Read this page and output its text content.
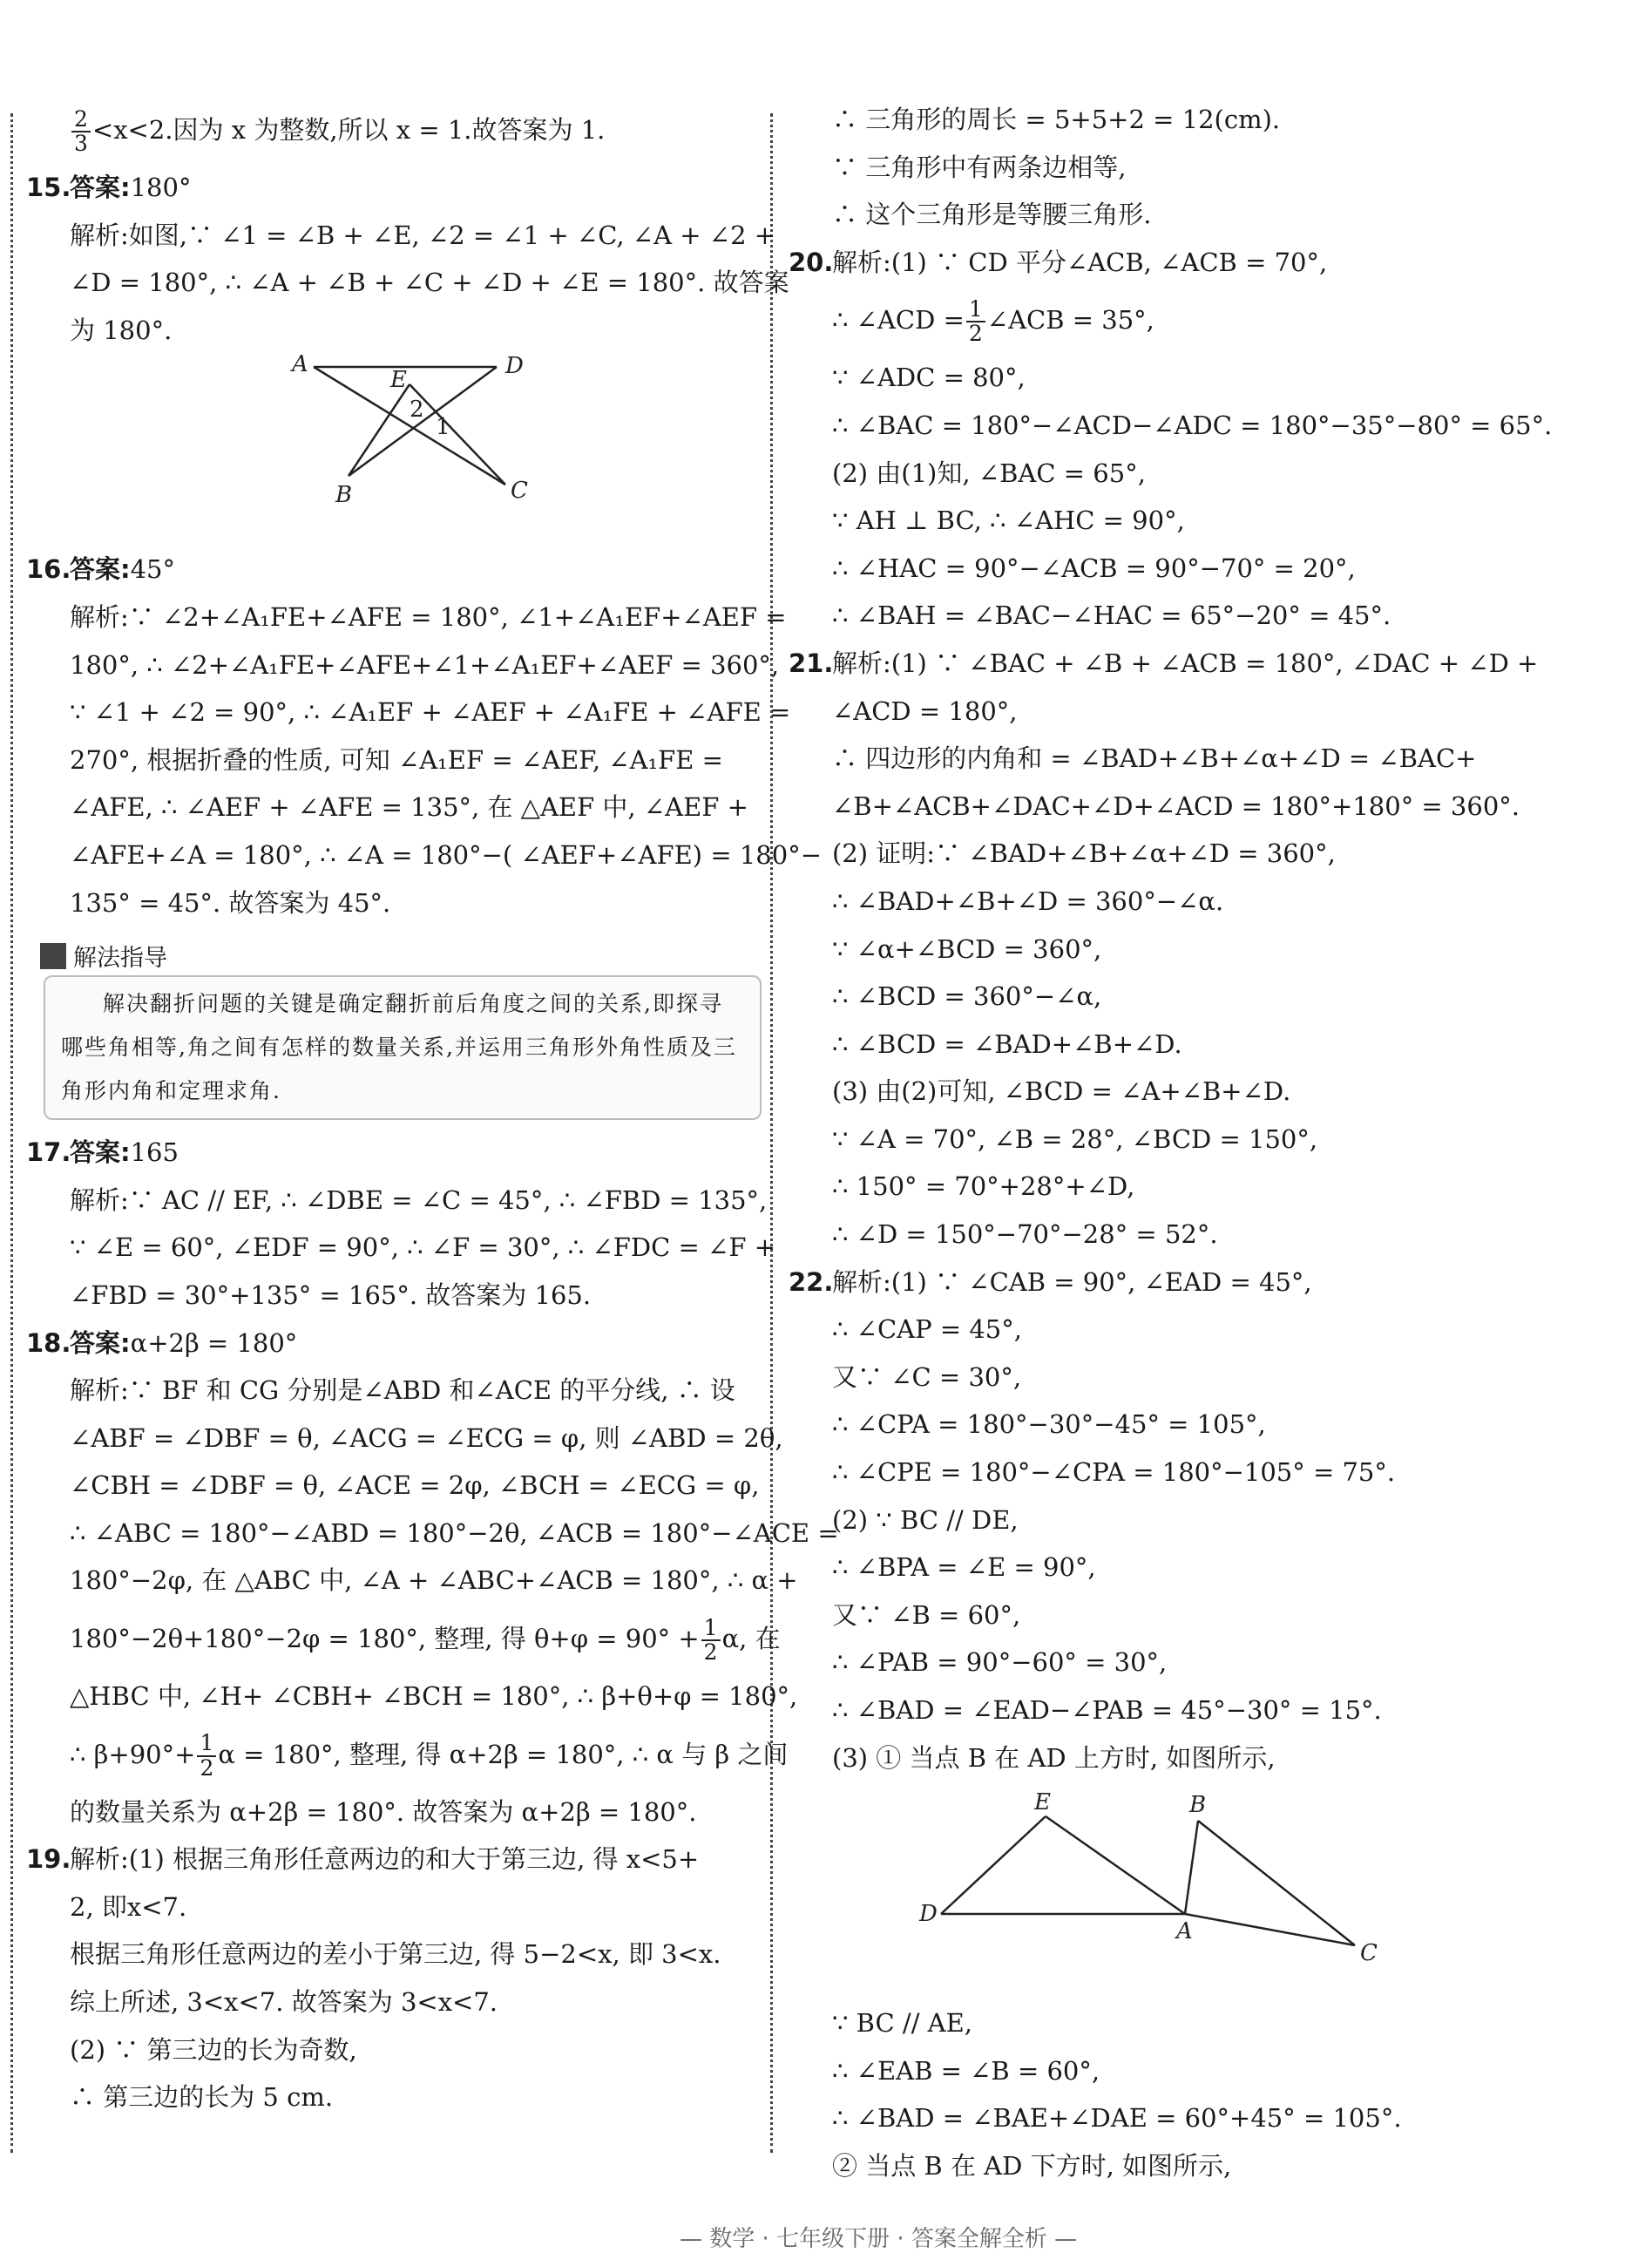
$\frac{2}{3} <x<2$.因为 x 为整数,所以 x = 1.故答案为 1.
15.答案:180°
解析:如图,∵ ∠1 = ∠B + ∠E, ∠2 = ∠1 + ∠C, ∠A + ∠2 +
∠D = 180°, ∴ ∠A + ∠B + ∠C + ∠D + ∠E = 180°. 故答案
为 180°.
A	D
E
B	C
2
1
16.答案:45°
解析:∵ ∠2+∠A₁FE+∠AFE = 180°, ∠1+∠A₁EF+∠AEF =
180°, ∴ ∠2+∠A₁FE+∠AFE+∠1+∠A₁EF+∠AEF = 360°,
∵ ∠1 + ∠2 = 90°, ∴ ∠A₁EF + ∠AEF + ∠A₁FE + ∠AFE =
270°, 根据折叠的性质, 可知 ∠A₁EF = ∠AEF, ∠A₁FE =
∠AFE, ∴ ∠AEF + ∠AFE = 135°, 在 △AEF 中, ∠AEF +
∠AFE+∠A = 180°, ∴ ∠A = 180°−( ∠AEF+∠AFE) = 180°−
135° = 45°. 故答案为 45°.
解法指导
解决翻折问题的关键是确定翻折前后角度之间的关系,即探寻哪些角相等,角之间有怎样的数量关系,并运用三角形外角性质及三角形内角和定理求角.
17.答案:165
解析:∵ AC // EF, ∴ ∠DBE = ∠C = 45°, ∴ ∠FBD = 135°,
∵ ∠E = 60°, ∠EDF = 90°, ∴ ∠F = 30°, ∴ ∠FDC = ∠F +
∠FBD = 30°+135° = 165°. 故答案为 165.
18.答案:α+2β = 180°
解析:∵ BF 和 CG 分别是∠ABD 和∠ACE 的平分线, ∴ 设
∠ABF = ∠DBF = θ, ∠ACG = ∠ECG = φ, 则 ∠ABD = 2θ,
∠CBH = ∠DBF = θ, ∠ACE = 2φ, ∠BCH = ∠ECG = φ,
∴ ∠ABC = 180°−∠ABD = 180°−2θ, ∠ACB = 180°−∠ACE =
180°−2φ, 在 △ABC 中, ∠A + ∠ABC+∠ACB = 180°, ∴ α +
180°−2θ+180°−2φ = 180°, 整理, 得 $\theta+\varphi = 90^\circ + \frac{1}{2} \alpha$, 在
△HBC 中, ∠H+ ∠CBH+ ∠BCH = 180°, ∴ β+θ+φ = 180°,
∴ $\beta+90^\circ+ \frac{1}{2}$ α = 180°, 整理, 得 α+2β = 180°, ∴ α 与 β 之间
的数量关系为 α+2β = 180°. 故答案为 α+2β = 180°.
19.解析:(1) 根据三角形任意两边的和大于第三边, 得 x<5+
2, 即x<7.
根据三角形任意两边的差小于第三边, 得 5−2<x, 即 3<x.
综上所述, 3<x<7. 故答案为 3<x<7.
(2) ∵ 第三边的长为奇数,
∴ 第三边的长为 5 cm.
∴ 三角形的周长 = 5+5+2 = 12(cm).
∵ 三角形中有两条边相等,
∴ 这个三角形是等腰三角形.
20.解析:(1) ∵ CD 平分∠ACB, ∠ACB = 70°,
∴ ∠ACD = $\frac{1}{2}$ ∠ACB = 35°,
∵ ∠ADC = 80°,
∴ ∠BAC = 180°−∠ACD−∠ADC = 180°−35°−80° = 65°.
(2) 由(1)知, ∠BAC = 65°,
∵ AH ⊥ BC, ∴ ∠AHC = 90°,
∴ ∠HAC = 90°−∠ACB = 90°−70° = 20°,
∴ ∠BAH = ∠BAC−∠HAC = 65°−20° = 45°.
21.解析:(1) ∵ ∠BAC + ∠B + ∠ACB = 180°, ∠DAC + ∠D +
∠ACD = 180°,
∴ 四边形的内角和 = ∠BAD+∠B+∠α+∠D = ∠BAC+
∠B+∠ACB+∠DAC+∠D+∠ACD = 180°+180° = 360°.
(2) 证明:∵ ∠BAD+∠B+∠α+∠D = 360°,
∴ ∠BAD+∠B+∠D = 360°−∠α.
∵ ∠α+∠BCD = 360°,
∴ ∠BCD = 360°−∠α,
∴ ∠BCD = ∠BAD+∠B+∠D.
(3) 由(2)可知, ∠BCD = ∠A+∠B+∠D.
∵ ∠A = 70°, ∠B = 28°, ∠BCD = 150°,
∴ 150° = 70°+28°+∠D,
∴ ∠D = 150°−70°−28° = 52°.
22.解析:(1) ∵ ∠CAB = 90°, ∠EAD = 45°,
∴ ∠CAP = 45°,
又∵ ∠C = 30°,
∴ ∠CPA = 180°−30°−45° = 105°,
∴ ∠CPE = 180°−∠CPA = 180°−105° = 75°.
(2) ∵ BC // DE,
∴ ∠BPA = ∠E = 90°,
又∵ ∠B = 60°,
∴ ∠PAB = 90°−60° = 30°,
∴ ∠BAD = ∠EAD−∠PAB = 45°−30° = 15°.
(3) ① 当点 B 在 AD 上方时, 如图所示,
E	B
D
A
C
∵ BC // AE,
∴ ∠EAB = ∠B = 60°,
∴ ∠BAD = ∠BAE+∠DAE = 60°+45° = 105°.
② 当点 B 在 AD 下方时, 如图所示,
— 数学 · 七年级下册 · 答案全解全析 —
